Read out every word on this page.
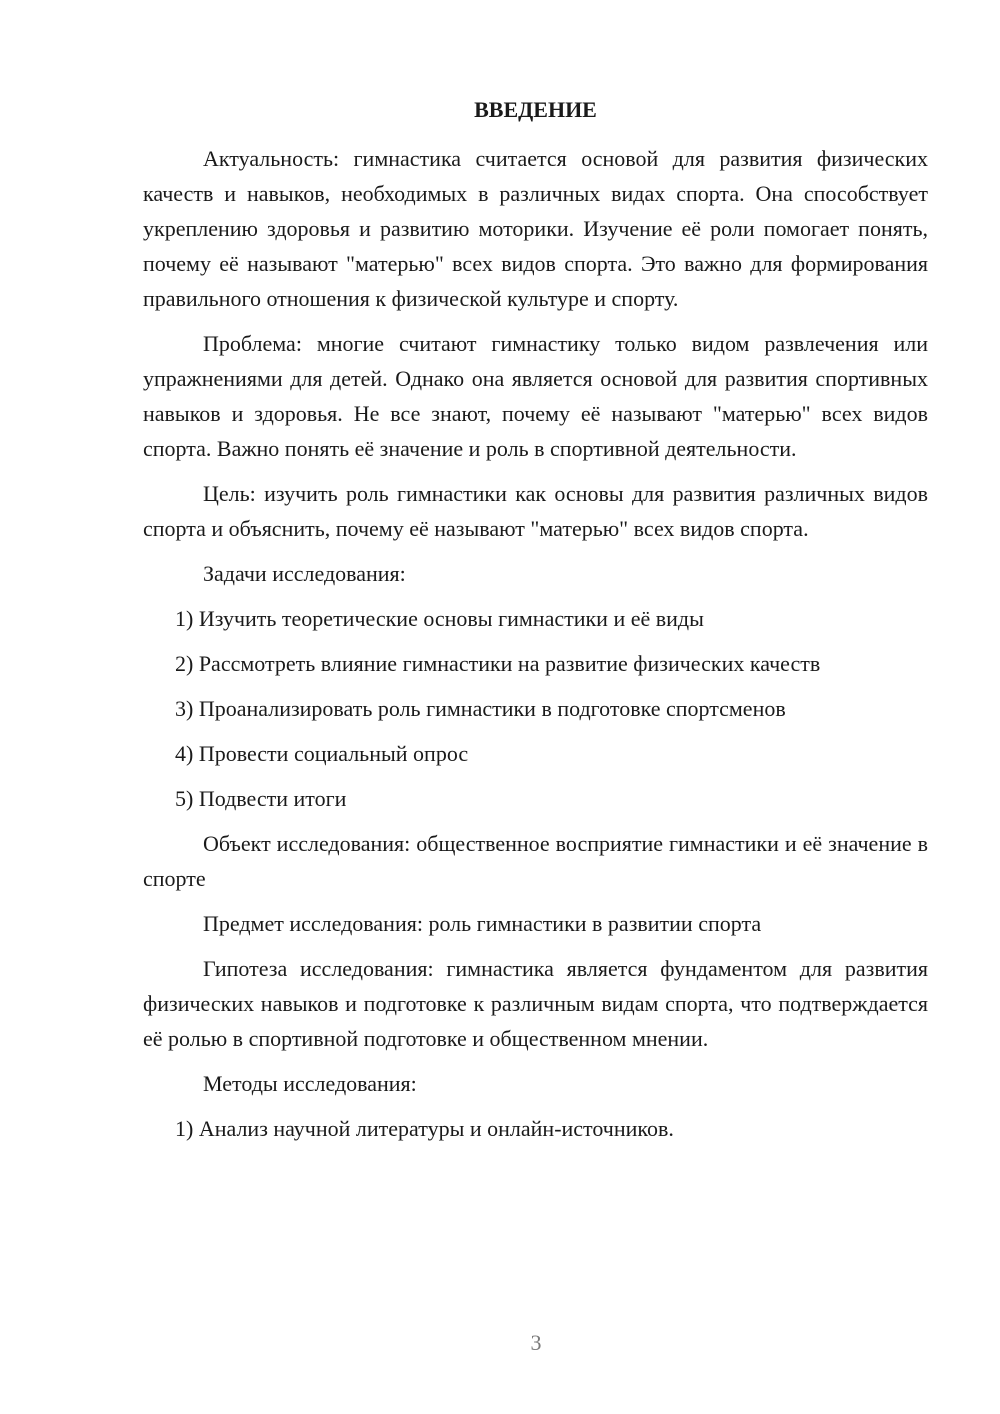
ВВЕДЕНИЕ

Актуальность: гимнастика считается основой для развития физических качеств и навыков, необходимых в различных видах спорта. Она способствует укреплению здоровья и развитию моторики. Изучение её роли помогает понять, почему её называют "матерью" всех видов спорта. Это важно для формирования правильного отношения к физической культуре и спорту.

Проблема: многие считают гимнастику только видом развлечения или упражнениями для детей. Однако она является основой для развития спортивных навыков и здоровья. Не все знают, почему её называют "матерью" всех видов спорта. Важно понять её значение и роль в спортивной деятельности.

Цель: изучить роль гимнастики как основы для развития различных видов спорта и объяснить, почему её называют "матерью" всех видов спорта.

Задачи исследования:

1) Изучить теоретические основы гимнастики и её виды
2) Рассмотреть влияние гимнастики на развитие физических качеств
3) Проанализировать роль гимнастики в подготовке спортсменов
4) Провести социальный опрос
5) Подвести итоги

Объект исследования: общественное восприятие гимнастики и её значение в спорте

Предмет исследования: роль гимнастики в развитии спорта

Гипотеза исследования: гимнастика является фундаментом для развития физических навыков и подготовке к различным видам спорта, что подтверждается её ролью в спортивной подготовке и общественном мнении.

Методы исследования:

1) Анализ научной литературы и онлайн-источников.
3
